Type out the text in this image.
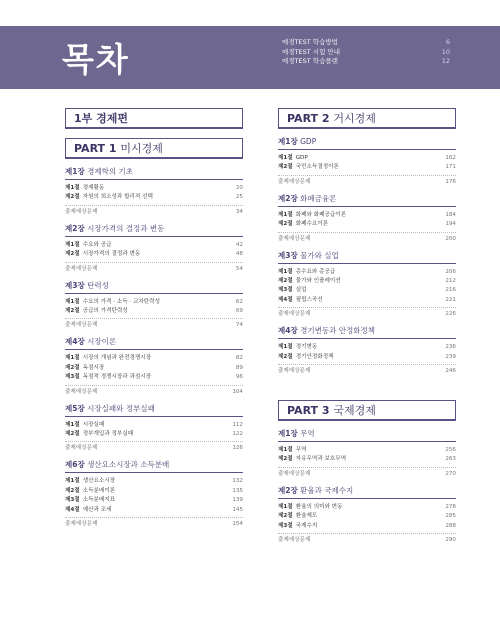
목차	매경TEST 학습방법	6
매경TEST 시험 안내	10
매경TEST 학습플랜	12
1부 경제편
PART 1 미시경제
제1장 경제학의 기초
제1절 경제활동	20
제2절 자원의 희소성과 합리적 선택	25
출제예상문제	34
제2장 시장가격의 결정과 변동
제1절 수요와 공급	42
제2절 시장가격의 결정과 변동	48
출제예상문제	54
제3장 탄력성
제1절 수요의 가격 · 소득 · 교차탄력성	62
제2절 공급의 가격탄력성	69
출제예상문제	74
제4장 시장이론
제1절 시장의 개념과 완전경쟁시장	82
제2절 독점시장	89
제3절 독점적 경쟁시장과 과점시장	96
출제예상문제	104
제5장 시장실패와 정부실패
제1절 시장실패	112
제2절 정부개입과 정부실패	122
출제예상문제	126
제6장 생산요소시장과 소득분배
제1절 생산요소시장	132
제2절 소득분배이론	135
제3절 소득분배지표	139
제4절 예산과 조세	145
출제예상문제	154
PART 2 거시경제
제1장 GDP
제1절 GDP	162
제2절 국민소득결정이론	171
출제예상문제	176
제2장 화폐금융론
제1절 화폐와 화폐공급이론	184
제2절 화폐수요이론	194
출제예상문제	200
제3장 물가와 실업
제1절 총수요와 총공급	206
제2절 물가와 인플레이션	212
제3절 실업	216
제4절 필립스곡선	221
출제예상문제	226
제4장 경기변동과 안정화정책
제1절 경기변동	236
제2절 경기안정화정책	239
출제예상문제	246
PART 3 국제경제
제1장 무역
제1절 무역	256
제2절 자유무역과 보호무역	263
출제예상문제	270
제2장 환율과 국제수지
제1절 환율의 의미와 변동	278
제2절 환율제도	285
제3절 국제수지	288
출제예상문제	290
